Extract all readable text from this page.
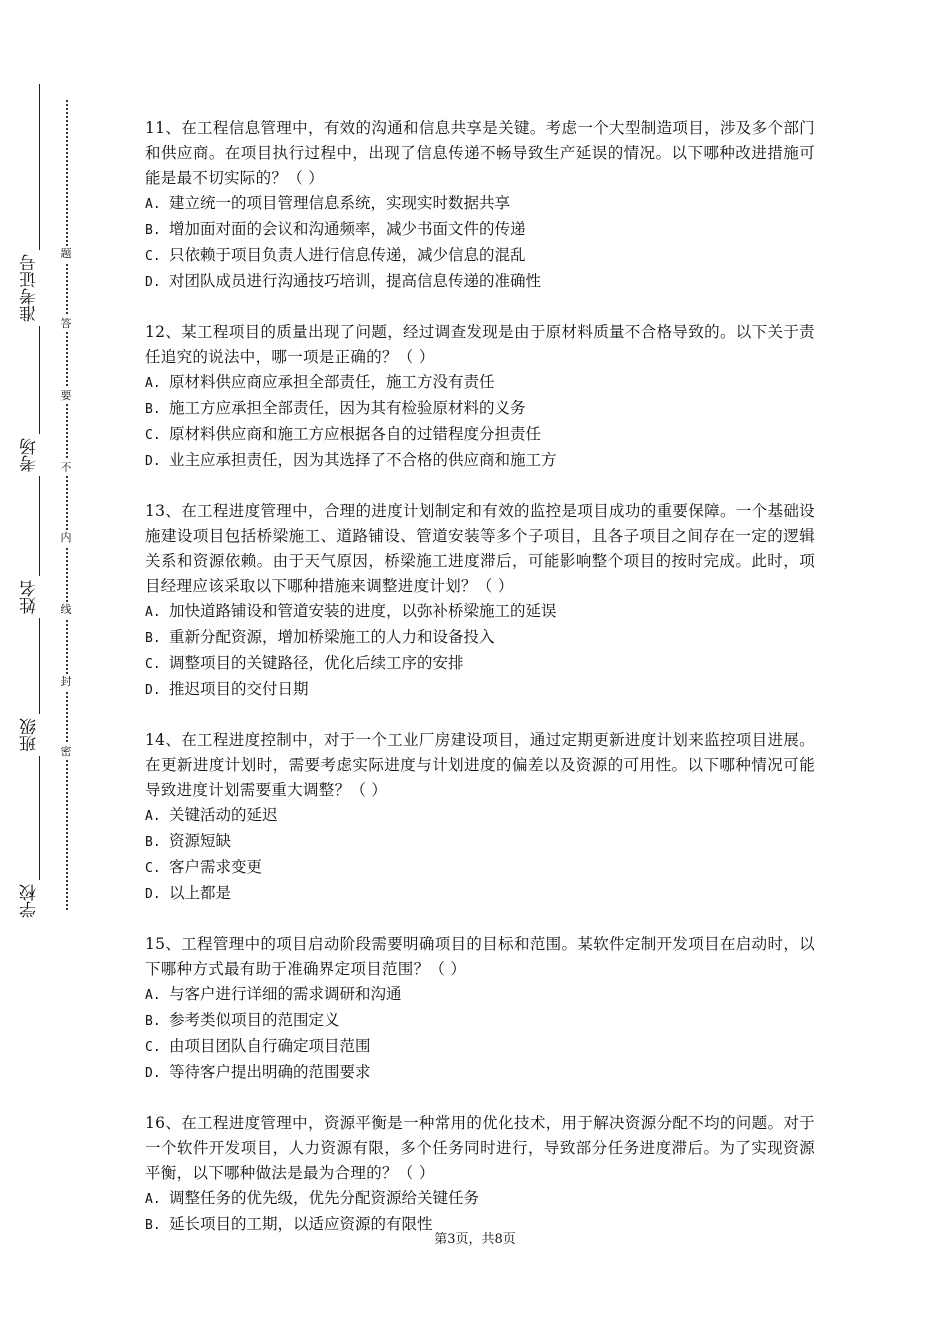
准考证号
考场
姓名
班级
学校
题
答
要
不
内
线
封
密

11、在工程信息管理中，有效的沟通和信息共享是关键。考虑一个大型制造项目，涉及多个部门和供应商。在项目执行过程中，出现了信息传递不畅导致生产延误的情况。以下哪种改进措施可能是最不切实际的？（ ）

A. 建立统一的项目管理信息系统，实现实时数据共享

B. 增加面对面的会议和沟通频率，减少书面文件的传递

C. 只依赖于项目负责人进行信息传递，减少信息的混乱

D. 对团队成员进行沟通技巧培训，提高信息传递的准确性

12、某工程项目的质量出现了问题，经过调查发现是由于原材料质量不合格导致的。以下关于责任追究的说法中，哪一项是正确的？（ ）

A. 原材料供应商应承担全部责任，施工方没有责任

B. 施工方应承担全部责任，因为其有检验原材料的义务

C. 原材料供应商和施工方应根据各自的过错程度分担责任

D. 业主应承担责任，因为其选择了不合格的供应商和施工方

13、在工程进度管理中，合理的进度计划制定和有效的监控是项目成功的重要保障。一个基础设施建设项目包括桥梁施工、道路铺设、管道安装等多个子项目，且各子项目之间存在一定的逻辑关系和资源依赖。由于天气原因，桥梁施工进度滞后，可能影响整个项目的按时完成。此时，项目经理应该采取以下哪种措施来调整进度计划？（ ）

A. 加快道路铺设和管道安装的进度，以弥补桥梁施工的延误

B. 重新分配资源，增加桥梁施工的人力和设备投入

C. 调整项目的关键路径，优化后续工序的安排

D. 推迟项目的交付日期

14、在工程进度控制中，对于一个工业厂房建设项目，通过定期更新进度计划来监控项目进展。在更新进度计划时，需要考虑实际进度与计划进度的偏差以及资源的可用性。以下哪种情况可能导致进度计划需要重大调整？（ ）

A. 关键活动的延迟

B. 资源短缺

C. 客户需求变更

D. 以上都是

15、工程管理中的项目启动阶段需要明确项目的目标和范围。某软件定制开发项目在启动时，以下哪种方式最有助于准确界定项目范围？（ ）

A. 与客户进行详细的需求调研和沟通

B. 参考类似项目的范围定义

C. 由项目团队自行确定项目范围

D. 等待客户提出明确的范围要求

16、在工程进度管理中，资源平衡是一种常用的优化技术，用于解决资源分配不均的问题。对于一个软件开发项目，人力资源有限，多个任务同时进行，导致部分任务进度滞后。为了实现资源平衡，以下哪种做法是最为合理的？（ ）

A. 调整任务的优先级，优先分配资源给关键任务

B. 延长项目的工期，以适应资源的有限性

第3页，共8页
